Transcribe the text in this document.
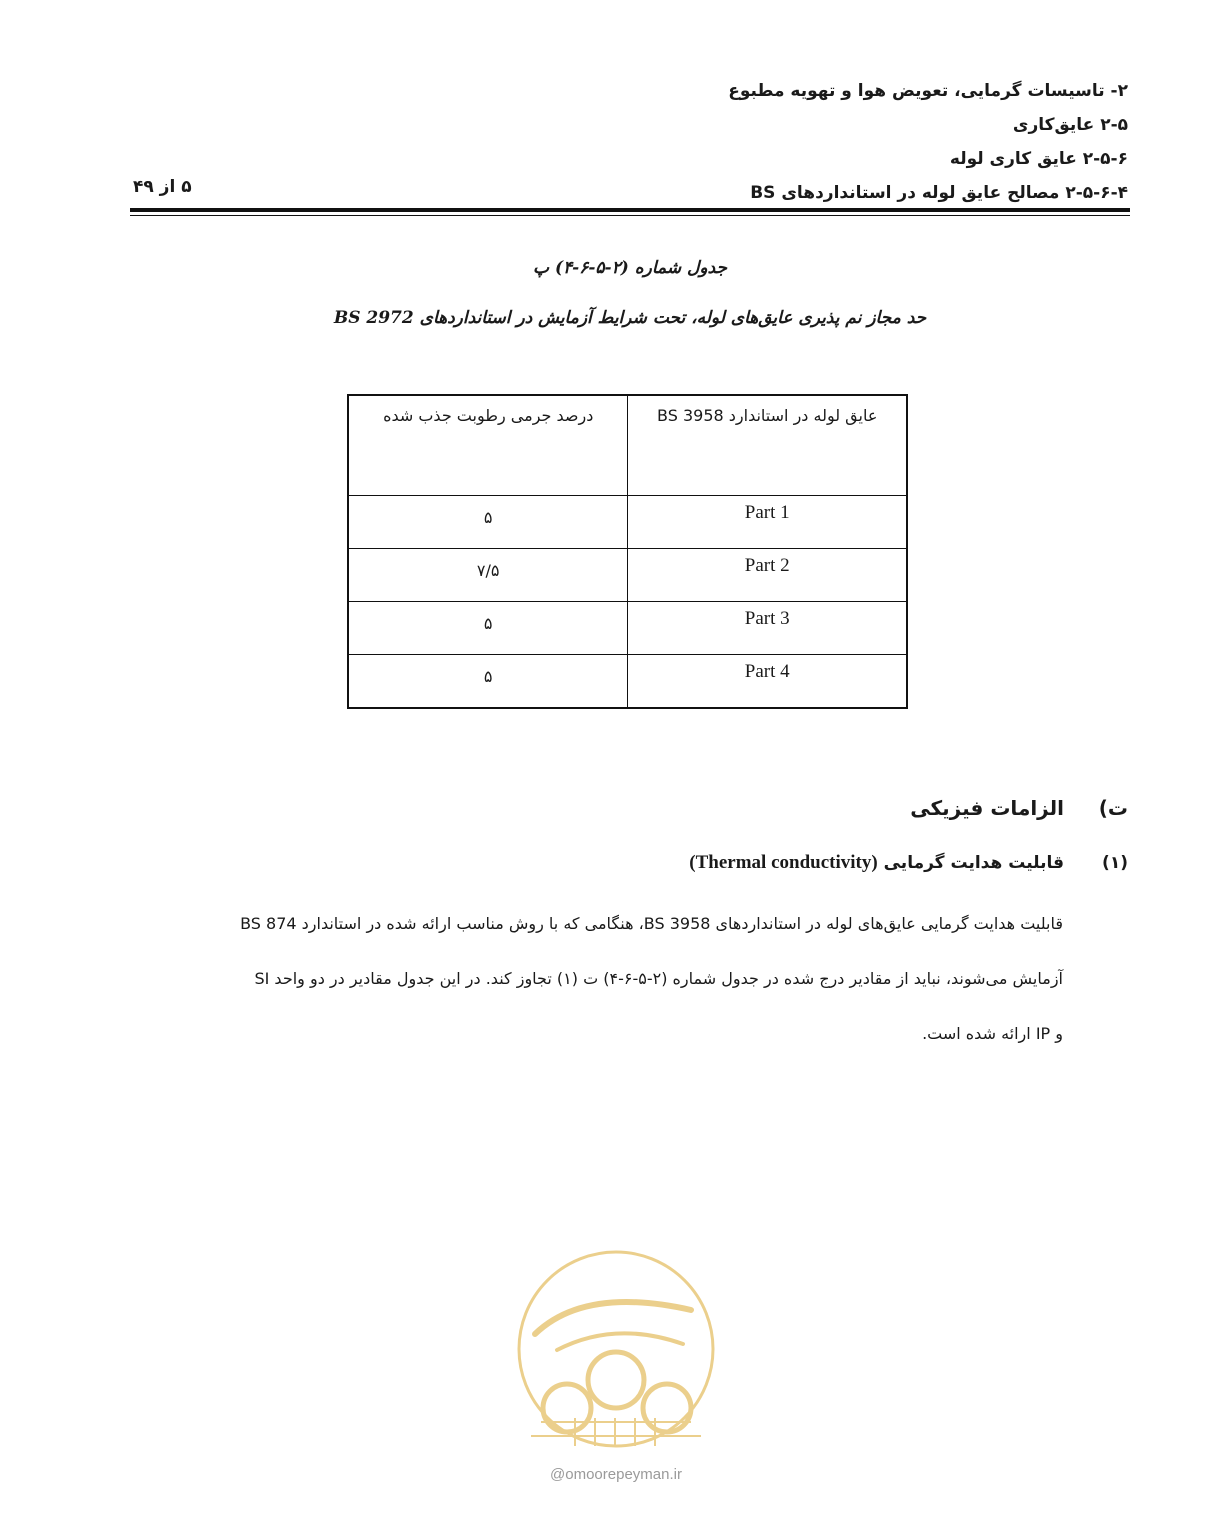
۲- تاسیسات گرمایی، تعویض هوا و تهویه مطبوع
۲-۵ عایق‌کاری
۲-۵-۶ عایق کاری لوله
۲-۵-۶-۴ مصالح عایق لوله در استانداردهای BS
۵ از ۴۹
جدول شماره (۲-۵-۶-۴) پ
حد مجاز نم پذیری عایق‌های لوله، تحت شرایط آزمایش در استانداردهای BS 2972
عایق لوله در استاندارد BS 3958	درصد جرمی رطوبت جذب شده
Part 1	۵
Part 2	۷/۵
Part 3	۵
Part 4	۵
ت)الزامات فیزیکی
(۱)قابلیت هدایت گرمایی (Thermal conductivity)
قابلیت هدایت گرمایی عایق‌های لوله در استانداردهای BS 3958، هنگامی که با روش مناسب ارائه شده در استاندارد BS 874
آزمایش می‌شوند، نباید از مقادیر درج شده در جدول شماره (۲-۵-۶-۴) ت (۱) تجاوز کند. در این جدول مقادیر در دو واحد SI
و IP ارائه شده است.
@omoorepeyman.ir
